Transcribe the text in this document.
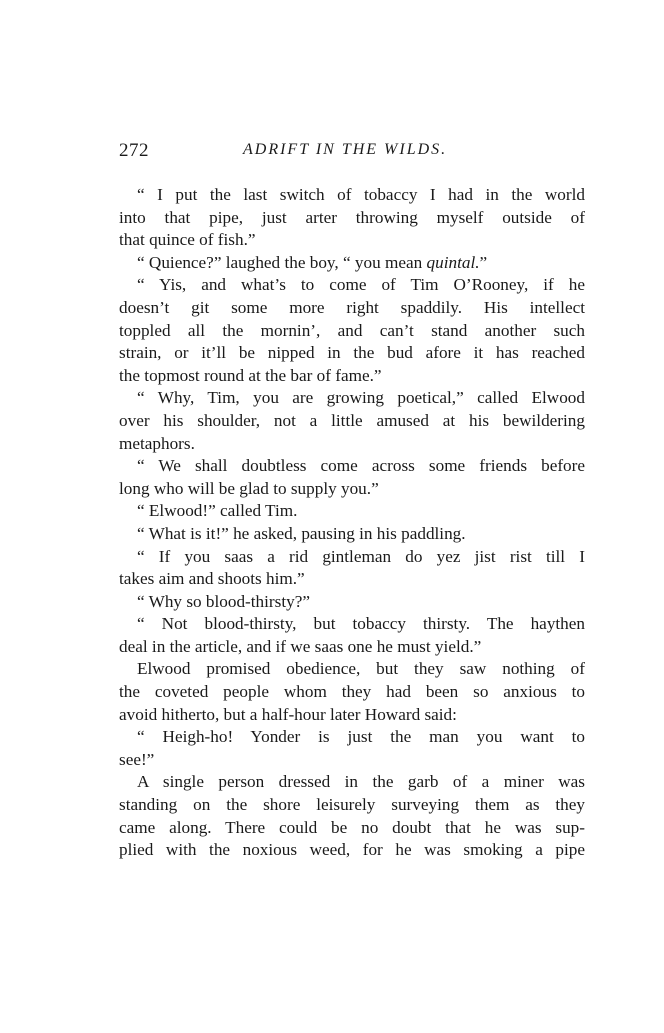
272	ADRIFT IN THE WILDS.
“ I put the last switch of tobaccy I had in the world
into that pipe, just arter throwing myself outside of
that quince of fish.”
“ Quience?” laughed the boy, “ you mean quintal.”
“ Yis, and what’s to come of Tim O’Rooney, if he
doesn’t git some more right spaddily. His intellect
toppled all the mornin’, and can’t stand another such
strain, or it’ll be nipped in the bud afore it has reached
the topmost round at the bar of fame.”
“ Why, Tim, you are growing poetical,” called Elwood
over his shoulder, not a little amused at his bewildering
metaphors.
“ We shall doubtless come across some friends before
long who will be glad to supply you.”
“ Elwood!” called Tim.
“ What is it!” he asked, pausing in his paddling.
“ If you saas a rid gintleman do yez jist rist till I
takes aim and shoots him.”
“ Why so blood-thirsty?”
“ Not blood-thirsty, but tobaccy thirsty. The haythen
deal in the article, and if we saas one he must yield.”
Elwood promised obedience, but they saw nothing of
the coveted people whom they had been so anxious to
avoid hitherto, but a half-hour later Howard said:
“ Heigh-ho! Yonder is just the man you want to
see!”
A single person dressed in the garb of a miner was
standing on the shore leisurely surveying them as they
came along. There could be no doubt that he was sup-
plied with the noxious weed, for he was smoking a pipe
